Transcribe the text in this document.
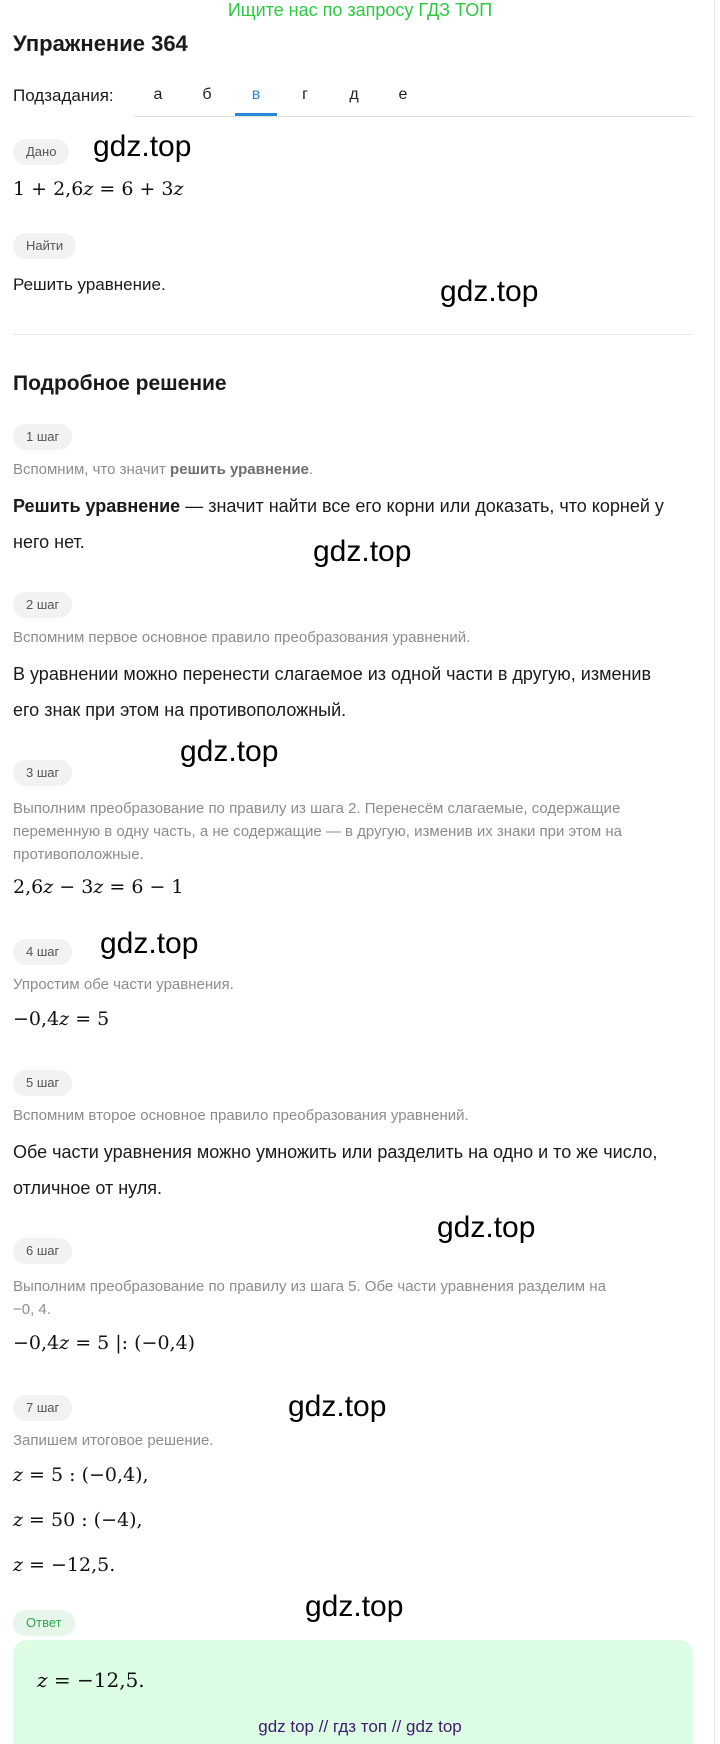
Ищите нас по запросу ГДЗ ТОП
Упражнение 364
Подзадания:	а	б	в	г	д	е
Дано	gdz.top
1 + 2,6z = 6 + 3z
Найти
Решить уравнение.	gdz.top
Подробное решение
1 шаг
Вспомним, что значит решить уравнение.
Решить уравнение — значит найти все его корни или доказать, что корней у
него нет.	gdz.top
2 шаг
Вспомним первое основное правило преобразования уравнений.
В уравнении можно перенести слагаемое из одной части в другую, изменив
его знак при этом на противоположный.
gdz.top
3 шаг
Выполним преобразование по правилу из шага 2. Перенесём слагаемые, содержащие
переменную в одну часть, а не содержащие — в другую, изменив их знаки при этом на
противоположные.
2,6z − 3z = 6 − 1
4 шаг	gdz.top
Упростим обе части уравнения.
−0,4z = 5
5 шаг
Вспомним второе основное правило преобразования уравнений.
Обе части уравнения можно умножить или разделить на одно и то же число,
отличное от нуля.
gdz.top
6 шаг
Выполним преобразование по правилу из шага 5. Обе части уравнения разделим на
−0, 4.
−0,4z = 5 |: (−0,4)
7 шаг	gdz.top
Запишем итоговое решение.
z = 5 : (−0,4),
z = 50 : (−4),
z = −12,5.
Ответ	gdz.top
z = −12,5.
gdz top // гдз топ // gdz top
